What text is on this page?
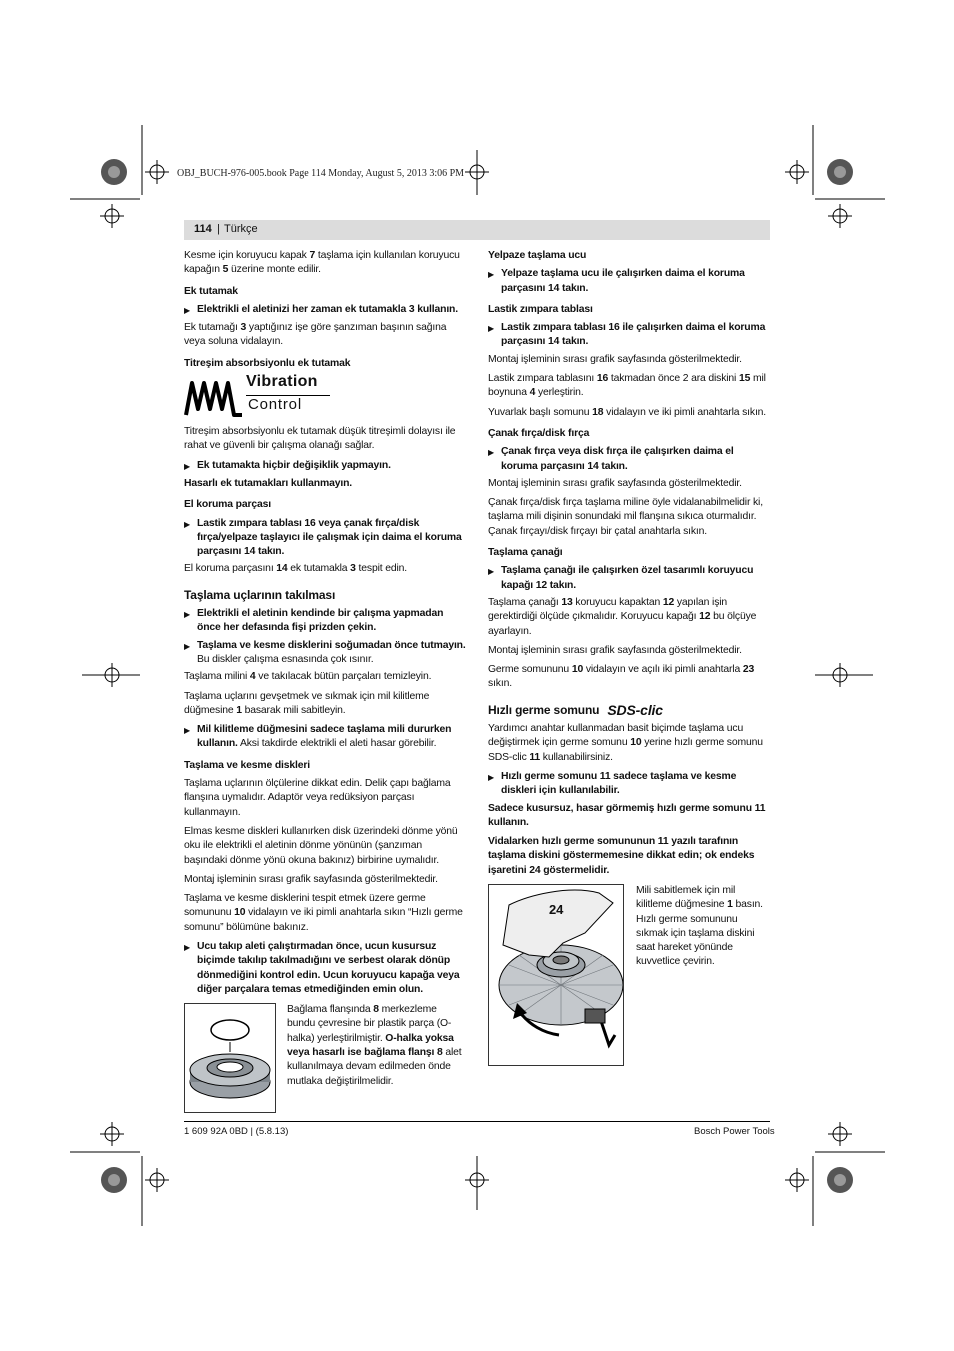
OBJ_BUCH-976-005.book Page 114 Monday, August 5, 2013 3:06 PM
114 | Türkçe

Kesme için koruyucu kapak 7 taşlama için kullanılan koruyucu kapağın 5 üzerine monte edilir.

Ek tutamak
▶ Elektrikli el aletinizi her zaman ek tutamakla 3 kullanın.

Ek tutamağı 3 yaptığınız işe göre şanzıman başının sağına veya soluna vidalayın.

Titreşim absorbsiyonlu ek tutamak
Vibration
Control

Titreşim absorbsiyonlu ek tutamak düşük titreşimli dolayısı ile rahat ve güvenli bir çalışma olanağı sağlar.

▶ Ek tutamakta hiçbir değişiklik yapmayın.

Hasarlı ek tutamakları kullanmayın.

El koruma parçası
▶ Lastik zımpara tablası 16 veya çanak fırça/disk fırça/yelpaze taşlayıcı ile çalışmak için daima el koruma parçasını 14 takın.

El koruma parçasını 14 ek tutamakla 3 tespit edin.

Taşlama uçlarının takılması
▶ Elektrikli el aletinin kendinde bir çalışma yapmadan önce her defasında fişi prizden çekin.
▶ Taşlama ve kesme disklerini soğumadan önce tutmayın. Bu diskler çalışma esnasında çok ısınır.

Taşlama milini 4 ve takılacak bütün parçaları temizleyin.

Taşlama uçlarını gevşetmek ve sıkmak için mil kilitleme düğmesine 1 basarak mili sabitleyin.

▶ Mil kilitleme düğmesini sadece taşlama mili dururken kullanın. Aksi takdirde elektrikli el aleti hasar görebilir.
Taşlama ve kesme diskleri

Taşlama uçlarının ölçülerine dikkat edin. Delik çapı bağlama flanşına uymalıdır. Adaptör veya redüksiyon parçası kullanmayın.

Elmas kesme diskleri kullanırken disk üzerindeki dönme yönü oku ile elektrikli el aletinin dönme yönünün (şanzıman başındaki dönme yönü okuna bakınız) birbirine uymalıdır.

Montaj işleminin sırası grafik sayfasında gösterilmektedir.

Taşlama ve kesme disklerini tespit etmek üzere germe somununu 10 vidalayın ve iki pimli anahtarla sıkın “Hızlı germe somunu” bölümüne bakınız.

▶ Ucu takıp aleti çalıştırmadan önce, ucun kusursuz biçimde takılıp takılmadığını ve serbest olarak dönüp dönmediğini kontrol edin. Ucun koruyucu kapağa veya diğer parçalara temas etmediğinden emin olun.
Bağlama flanşında 8 merkezleme bundu çevresine bir plastik parça (O-halka) yerleştirilmiştir. O-halka yoksa veya hasarlı ise bağlama flanşı 8 alet kullanılmaya devam edilmeden önde mutlaka değiştirilmelidir.
Yelpaze taşlama ucu
▶ Yelpaze taşlama ucu ile çalışırken daima el koruma parçasını 14 takın.
Lastik zımpara tablası
▶ Lastik zımpara tablası 16 ile çalışırken daima el koruma parçasını 14 takın.

Montaj işleminin sırası grafik sayfasında gösterilmektedir.

Lastik zımpara tablasını 16 takmadan önce 2 ara diskini 15 mil boynuna 4 yerleştirin.

Yuvarlak başlı somunu 18 vidalayın ve iki pimli anahtarla sıkın.

Çanak fırça/disk fırça
▶ Çanak fırça veya disk fırça ile çalışırken daima el koruma parçasını 14 takın.

Montaj işleminin sırası grafik sayfasında gösterilmektedir.

Çanak fırça/disk fırça taşlama miline öyle vidalanabilmelidir ki, taşlama mili dişinin sonundaki mil flanşına sıkıca oturmalıdır. Çanak fırçayı/disk fırçayı bir çatal anahtarla sıkın.

Taşlama çanağı
▶ Taşlama çanağı ile çalışırken özel tasarımlı koruyucu kapağı 12 takın.

Taşlama çanağı 13 koruyucu kapaktan 12 yapılan işin gerektirdiği ölçüde çıkmalıdır. Koruyucu kapağı 12 bu ölçüye ayarlayın.

Montaj işleminin sırası grafik sayfasında gösterilmektedir.

Germe somununu 10 vidalayın ve açılı iki pimli anahtarla 23 sıkın.

Hızlı germe somunu SDS-clic

Yardımcı anahtar kullanmadan basit biçimde taşlama ucu değiştirmek için germe somunu 10 yerine hızlı germe somunu SDS-clic 11 kullanabilirsiniz.

▶ Hızlı germe somunu 11 sadece taşlama ve kesme diskleri için kullanılabilir.

Sadece kusursuz, hasar görmemiş hızlı germe somunu 11 kullanın.

Vidalarken hızlı germe somununun 11 yazılı tarafının taşlama diskini göstermemesine dikkat edin; ok endeks işaretini 24 göstermelidir.

24
Mili sabitlemek için mil kilitleme düğmesine 1 basın. Hızlı germe somununu sıkmak için taşlama diskini saat hareket yönünde kuvvetlice çevirin.
1 609 92A 0BD | (5.8.13)	Bosch Power Tools
